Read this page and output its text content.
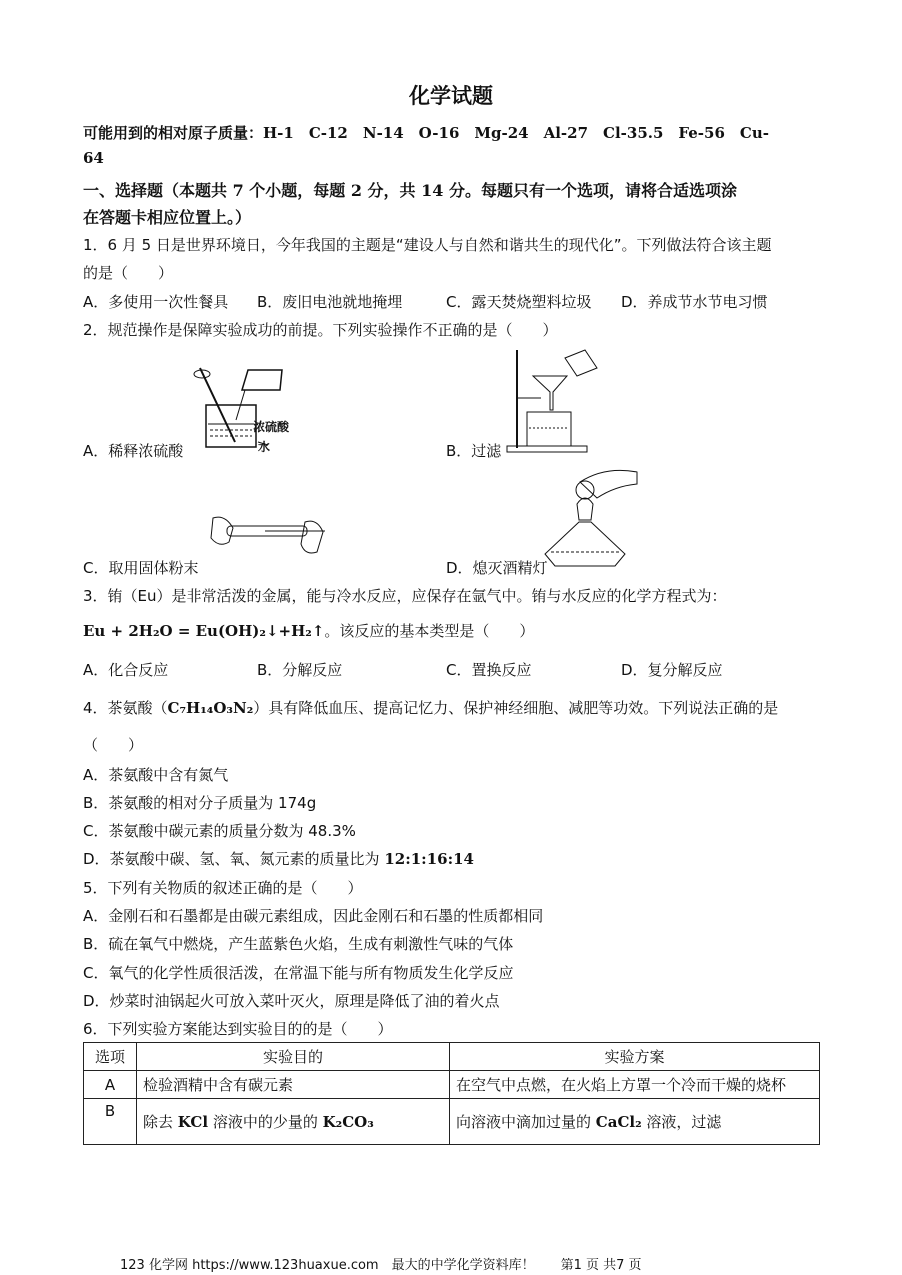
化学试题
可能用到的相对原子质量：H-1　C-12　N-14　O-16　Mg-24　Al-27　Cl-35.5　Fe-56　Cu-
64
一、选择题（本题共 7 个小题，每题 2 分，共 14 分。每题只有一个选项，请将合适选项涂
在答题卡相应位置上。）
1．6 月 5 日是世界环境日，今年我国的主题是“建设人与自然和谐共生的现代化”。下列做法符合该主题
的是（　　）
A．多使用一次性餐具 B．废旧电池就地掩埋	C．露天焚烧塑料垃圾 D．养成节水节电习惯
2．规范操作是保障实验成功的前提。下列实验操作不正确的是（　　）
浓硫酸
水
A．稀释浓硫酸	B．过滤
C．取用固体粉末	D．熄灭酒精灯
3．铕（Eu）是非常活泼的金属，能与冷水反应，应保存在氩气中。铕与水反应的化学方程式为：
Eu + 2H₂O = Eu(OH)₂↓+H₂↑。该反应的基本类型是（　　）
A．化合反应	B．分解反应	C．置换反应	D．复分解反应
4．茶氨酸（C₇H₁₄O₃N₂）具有降低血压、提高记忆力、保护神经细胞、减肥等功效。下列说法正确的是
（　　）
A．茶氨酸中含有氮气
B．茶氨酸的相对分子质量为 174g
C．茶氨酸中碳元素的质量分数为 48.3%
D．茶氨酸中碳、氢、氧、氮元素的质量比为 12:1:16:14
5．下列有关物质的叙述正确的是（　　）
A．金刚石和石墨都是由碳元素组成，因此金刚石和石墨的性质都相同
B．硫在氧气中燃烧，产生蓝紫色火焰，生成有刺激性气味的气体
C．氧气的化学性质很活泼，在常温下能与所有物质发生化学反应
D．炒菜时油锅起火可放入菜叶灭火，原理是降低了油的着火点
6．下列实验方案能达到实验目的的是（　　）
选项	实验目的	实验方案
A	检验酒精中含有碳元素	在空气中点燃，在火焰上方罩一个冷而干燥的烧杯
B	除去 KCl 溶液中的少量的 K₂CO₃	向溶液中滴加过量的 CaCl₂ 溶液，过滤
123 化学网 https://www.123huaxue.com　最大的中学化学资料库！　　第1 页 共7 页
